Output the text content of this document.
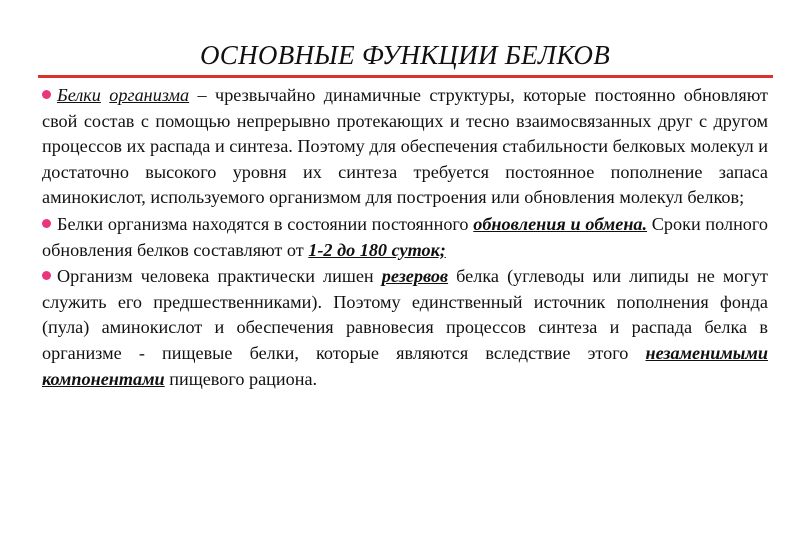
ОСНОВНЫЕ ФУНКЦИИ БЕЛКОВ

Белки организма – чрезвычайно динамичные структуры, которые постоянно обновляют свой состав с помощью непрерывно протекающих и тесно взаимосвязанных друг с другом процессов их распада и синтеза. Поэтому для обеспечения стабильности белковых молекул и достаточно высокого уровня их синтеза требуется постоянное пополнение запаса аминокислот, используемого организмом для построения или обновления молекул белков;

Белки организма находятся в состоянии постоянного обновления и обмена. Сроки полного обновления белков составляют от 1-2 до 180 суток;

Организм человека практически лишен резервов белка (углеводы или липиды не могут служить его предшественниками). Поэтому единственный источник пополнения фонда (пула) аминокислот и обеспечения равновесия процессов синтеза и распада белка в организме - пищевые белки, которые являются вследствие этого незаменимыми компонентами пищевого рациона.
